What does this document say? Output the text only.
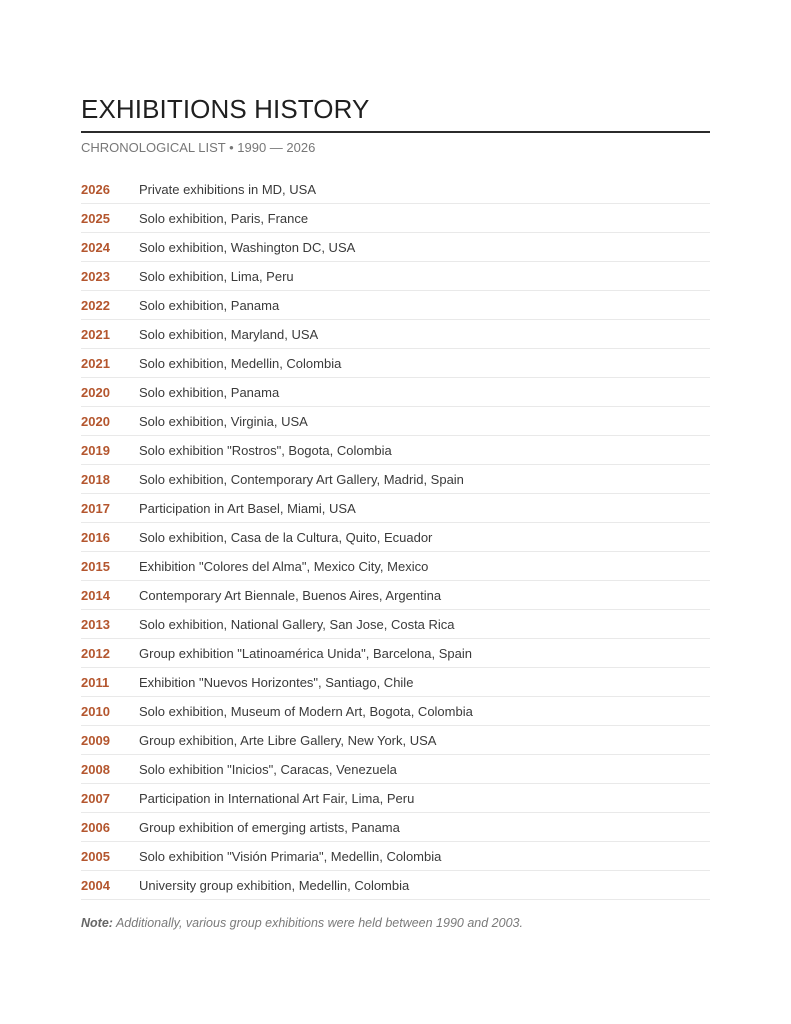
EXHIBITIONS HISTORY
CHRONOLOGICAL LIST • 1990 — 2026
2026	Private exhibitions in MD, USA
2025	Solo exhibition, Paris, France
2024	Solo exhibition, Washington DC, USA
2023	Solo exhibition, Lima, Peru
2022	Solo exhibition, Panama
2021	Solo exhibition, Maryland, USA
2021	Solo exhibition, Medellin, Colombia
2020	Solo exhibition, Panama
2020	Solo exhibition, Virginia, USA
2019	Solo exhibition "Rostros", Bogota, Colombia
2018	Solo exhibition, Contemporary Art Gallery, Madrid, Spain
2017	Participation in Art Basel, Miami, USA
2016	Solo exhibition, Casa de la Cultura, Quito, Ecuador
2015	Exhibition "Colores del Alma", Mexico City, Mexico
2014	Contemporary Art Biennale, Buenos Aires, Argentina
2013	Solo exhibition, National Gallery, San Jose, Costa Rica
2012	Group exhibition "Latinoamérica Unida", Barcelona, Spain
2011	Exhibition "Nuevos Horizontes", Santiago, Chile
2010	Solo exhibition, Museum of Modern Art, Bogota, Colombia
2009	Group exhibition, Arte Libre Gallery, New York, USA
2008	Solo exhibition "Inicios", Caracas, Venezuela
2007	Participation in International Art Fair, Lima, Peru
2006	Group exhibition of emerging artists, Panama
2005	Solo exhibition "Visión Primaria", Medellin, Colombia
2004	University group exhibition, Medellin, Colombia
Note: Additionally, various group exhibitions were held between 1990 and 2003.
